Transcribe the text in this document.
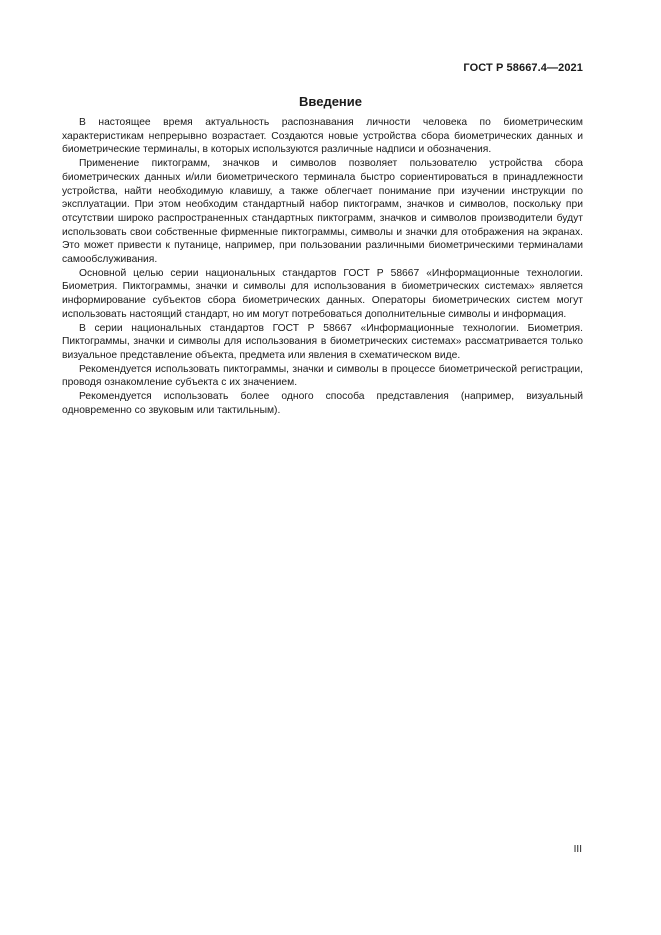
ГОСТ Р 58667.4—2021
Введение

В настоящее время актуальность распознавания личности человека по биометрическим характеристикам непрерывно возрастает. Создаются новые устройства сбора биометрических данных и биометрические терминалы, в которых используются различные надписи и обозначения.

Применение пиктограмм, значков и символов позволяет пользователю устройства сбора биометрических данных и/или биометрического терминала быстро сориентироваться в принадлежности устройства, найти необходимую клавишу, а также облегчает понимание при изучении инструкции по эксплуатации. При этом необходим стандартный набор пиктограмм, значков и символов, поскольку при отсутствии широко распространенных стандартных пиктограмм, значков и символов производители будут использовать свои собственные фирменные пиктограммы, символы и значки для отображения на экранах. Это может привести к путанице, например, при пользовании различными биометрическими терминалами самообслуживания.

Основной целью серии национальных стандартов ГОСТ Р 58667 «Информационные технологии. Биометрия. Пиктограммы, значки и символы для использования в биометрических системах» является информирование субъектов сбора биометрических данных. Операторы биометрических систем могут использовать настоящий стандарт, но им могут потребоваться дополнительные символы и информация.

В серии национальных стандартов ГОСТ Р 58667 «Информационные технологии. Биометрия. Пиктограммы, значки и символы для использования в биометрических системах» рассматривается только визуальное представление объекта, предмета или явления в схематическом виде.

Рекомендуется использовать пиктограммы, значки и символы в процессе биометрической регистрации, проводя ознакомление субъекта с их значением.

Рекомендуется использовать более одного способа представления (например, визуальный одновременно со звуковым или тактильным).

III
